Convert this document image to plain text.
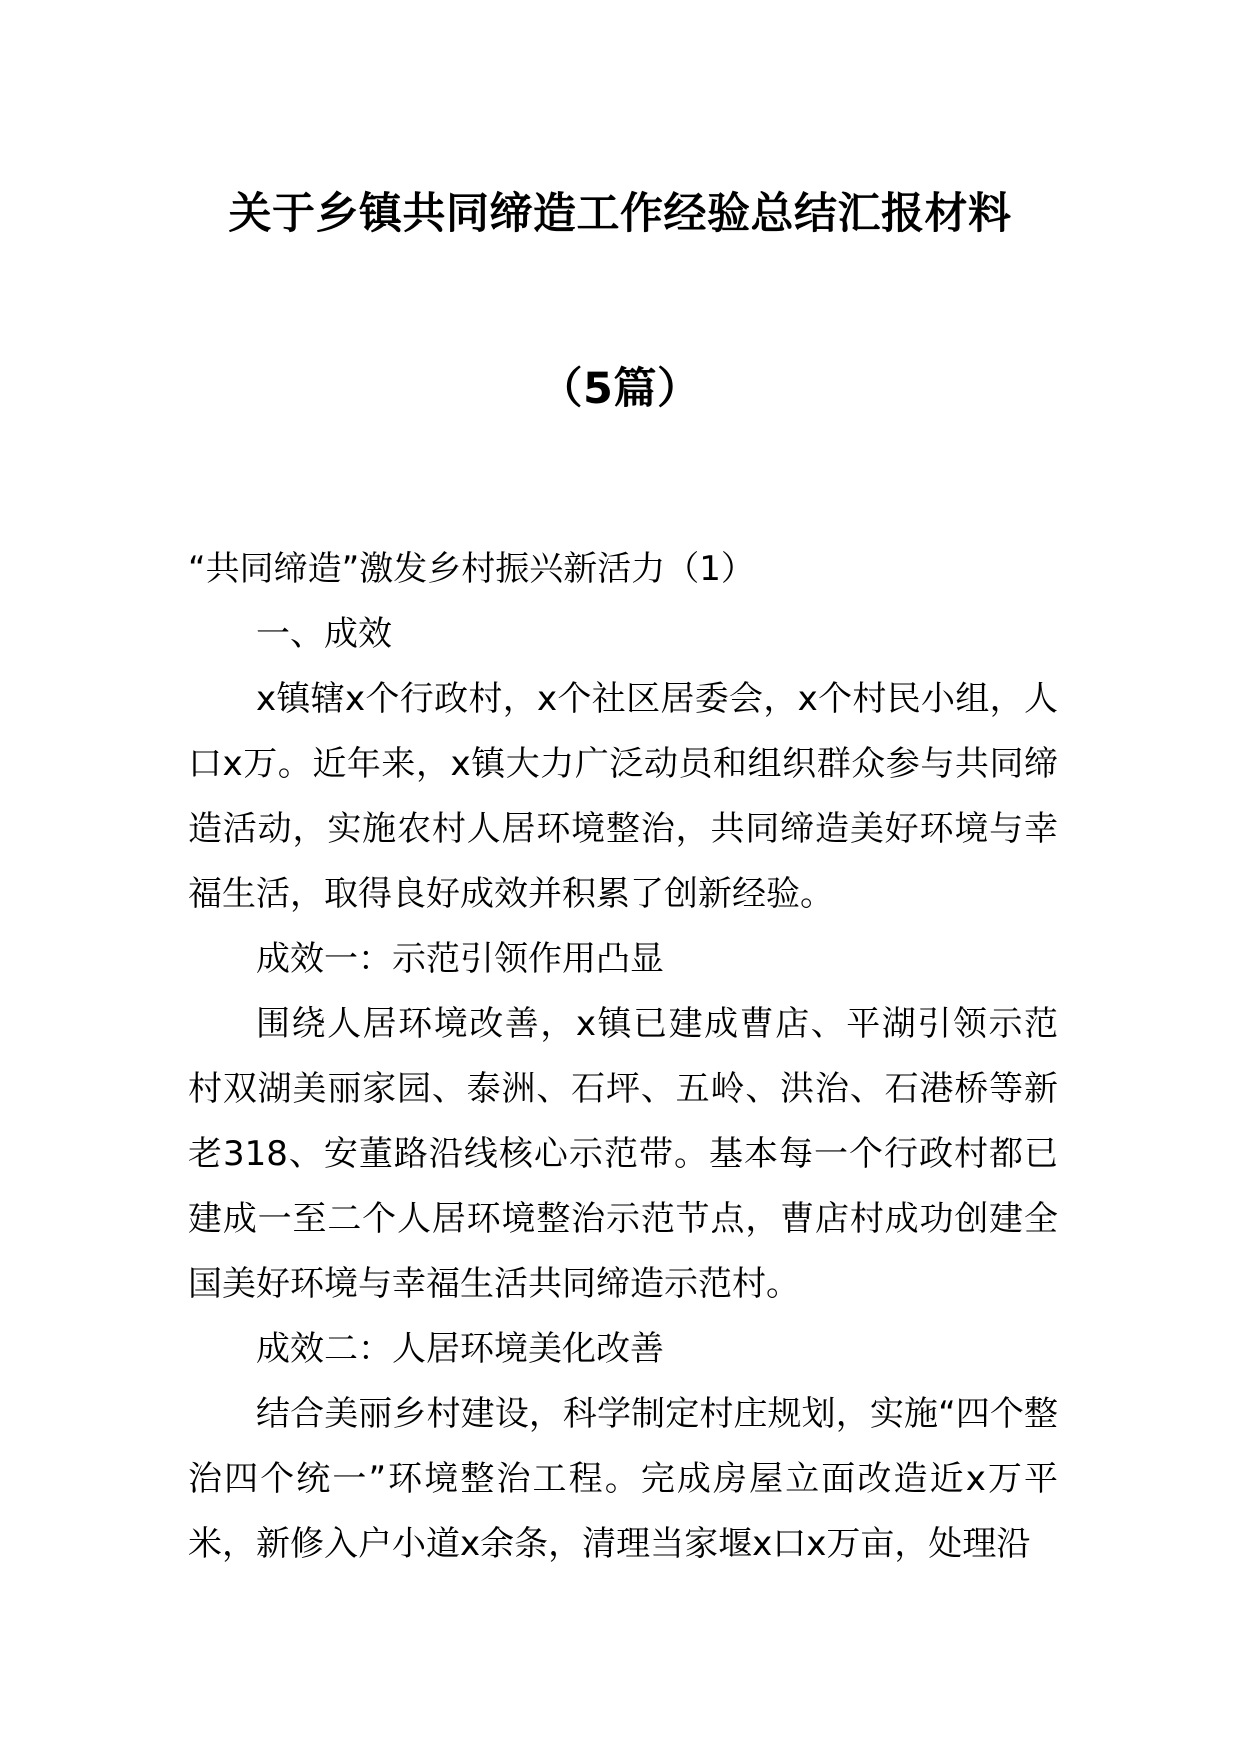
关于乡镇共同缔造工作经验总结汇报材料
（5篇）

“共同缔造”激发乡村振兴新活力（1）

一、成效

x镇辖x个行政村，x个社区居委会，x个村民小组，人口x万。近年来，x镇大力广泛动员和组织群众参与共同缔造活动，实施农村人居环境整治，共同缔造美好环境与幸福生活，取得良好成效并积累了创新经验。

成效一：示范引领作用凸显

围绕人居环境改善，x镇已建成曹店、平湖引领示范村双湖美丽家园、泰洲、石坪、五岭、洪治、石港桥等新老318、安董路沿线核心示范带。基本每一个行政村都已建成一至二个人居环境整治示范节点，曹店村成功创建全国美好环境与幸福生活共同缔造示范村。

成效二：人居环境美化改善

结合美丽乡村建设，科学制定村庄规划，实施“四个整治四个统一”环境整治工程。完成房屋立面改造近x万平米，新修入户小道x余条，清理当家堰x口x万亩，处理沿
